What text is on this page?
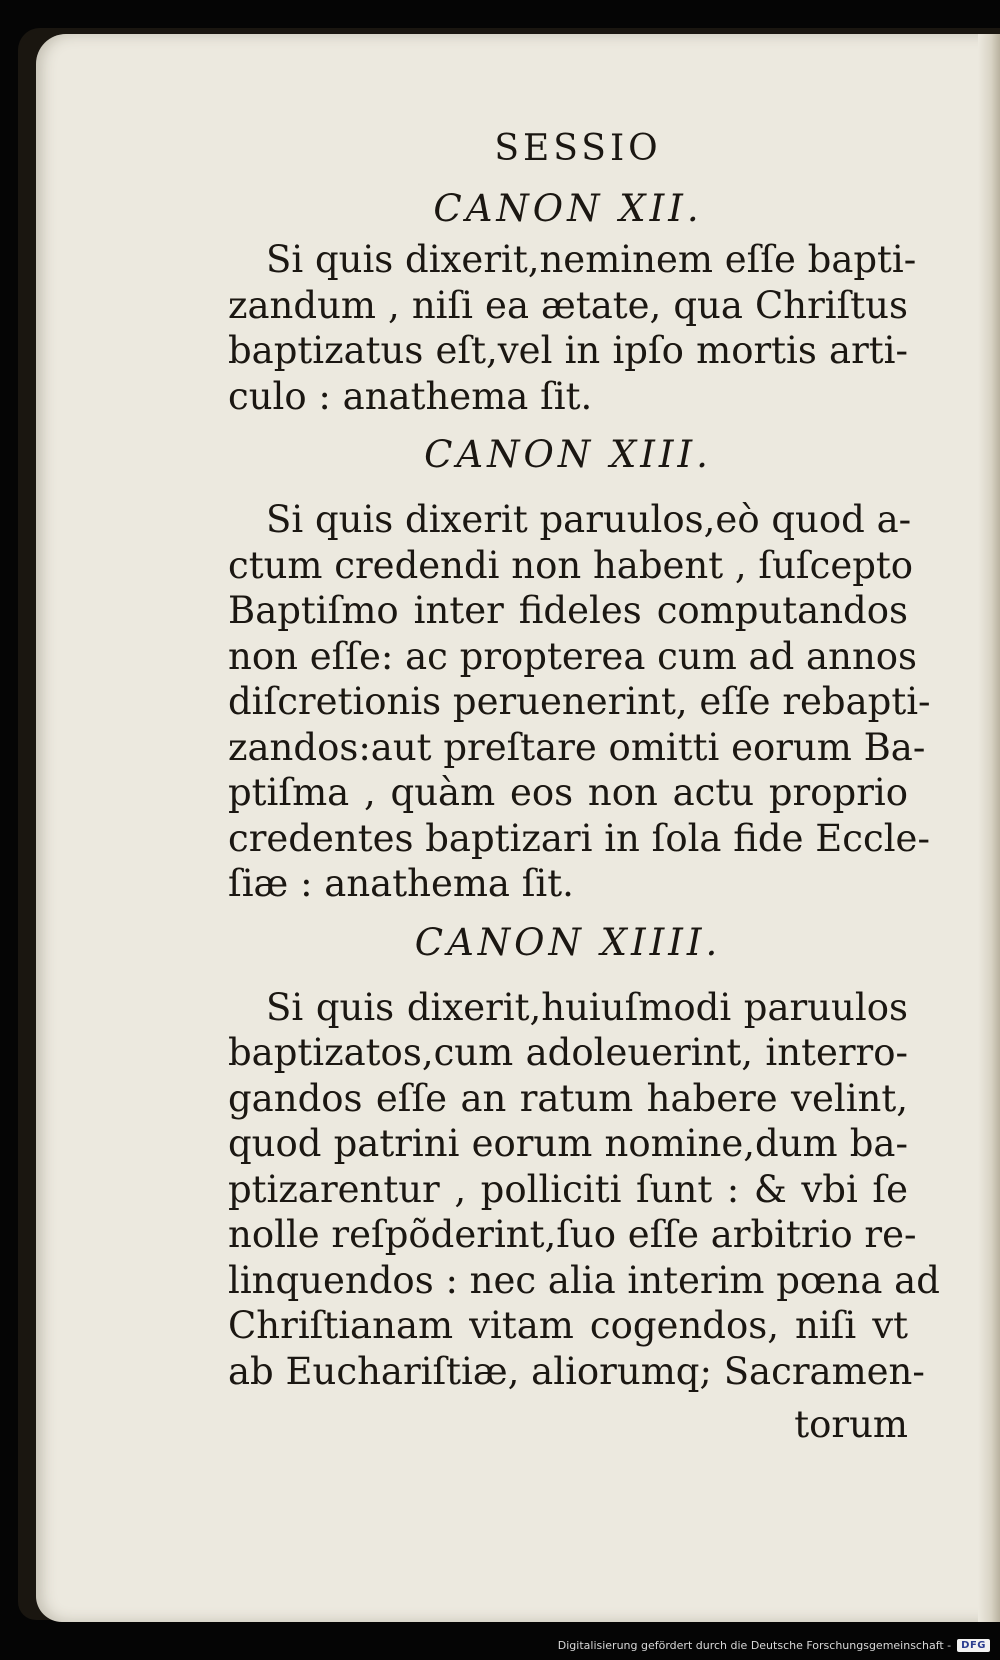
SESSIO
CANON XII.
Si quis dixerit,neminem eſſe bapti-
zandum , niſi ea ætate, qua Chriſtus
baptizatus eſt,vel in ipſo mortis arti-
culo : anathema ſit.
CANON XIII.
Si quis dixerit paruulos,eò quod a-
ctum credendi non habent , ſuſcepto
Baptiſmo inter fideles computandos
non eſſe: ac propterea cum ad annos
diſcretionis peruenerint, eſſe rebapti-
zandos:aut preſtare omitti eorum Ba-
ptiſma , quàm eos non actu proprio
credentes baptizari in ſola fide Eccle-
ſiæ : anathema ſit.
CANON XIIII.
Si quis dixerit,huiuſmodi paruulos
baptizatos,cum adoleuerint, interro-
gandos eſſe an ratum habere velint,
quod patrini eorum nomine,dum ba-
ptizarentur , polliciti ſunt : & vbi ſe
nolle reſpõderint,ſuo eſſe arbitrio re-
linquendos : nec alia interim pœna ad
Chriſtianam vitam cogendos, niſi vt
ab Euchariſtiæ, aliorumq; Sacramen-
torum
Digitalisierung gefördert durch die Deutsche Forschungsgemeinschaft -	DFG
